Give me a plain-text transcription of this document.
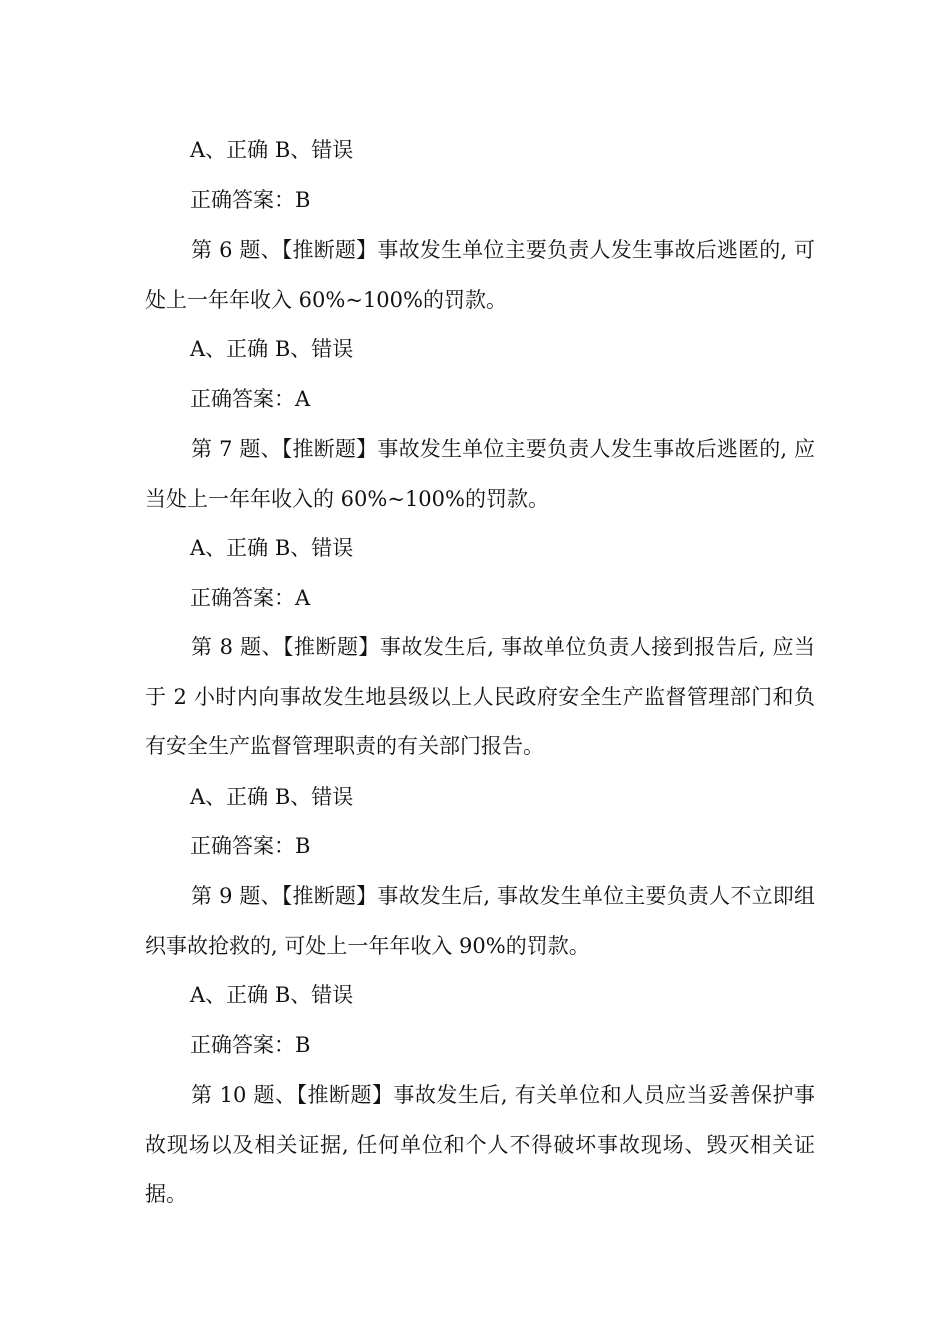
A、正确 B、错误
正确答案：B
第 6 题、【推断题】事故发生单位主要负责人发生事故后逃匿的, 可处上一年年收入 60%~100%的罚款。
A、正确 B、错误
正确答案：A
第 7 题、【推断题】事故发生单位主要负责人发生事故后逃匿的, 应当处上一年年收入的 60%~100%的罚款。
A、正确 B、错误
正确答案：A
第 8 题、【推断题】事故发生后, 事故单位负责人接到报告后, 应当于 2 小时内向事故发生地县级以上人民政府安全生产监督管理部门和负有安全生产监督管理职责的有关部门报告。
A、正确 B、错误
正确答案：B
第 9 题、【推断题】事故发生后, 事故发生单位主要负责人不立即组织事故抢救的, 可处上一年年收入 90%的罚款。
A、正确 B、错误
正确答案：B
第 10 题、【推断题】事故发生后, 有关单位和人员应当妥善保护事故现场以及相关证据, 任何单位和个人不得破坏事故现场、毁灭相关证据。
